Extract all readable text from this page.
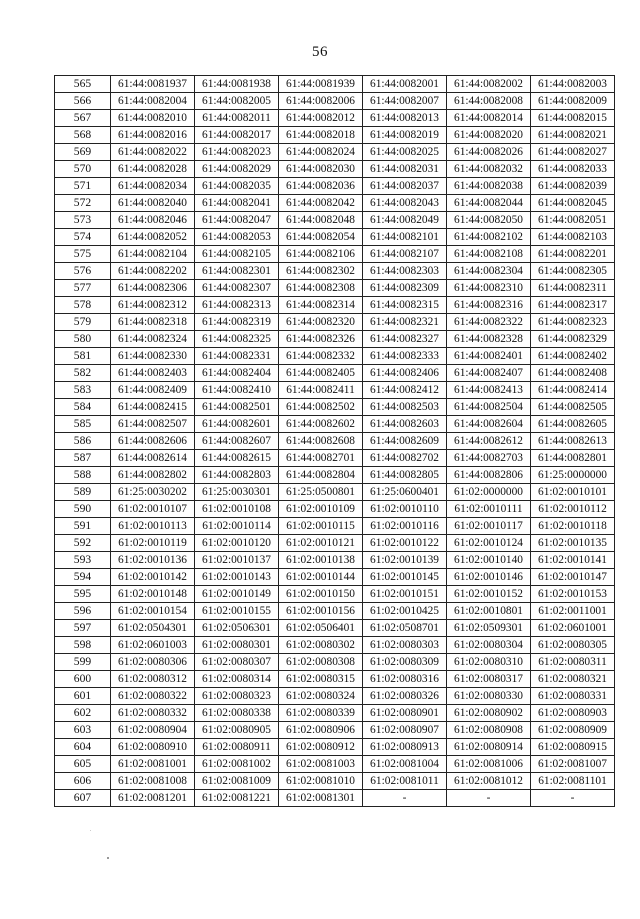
56
565	61:44:0081937	61:44:0081938	61:44:0081939	61:44:0082001	61:44:0082002	61:44:0082003
566	61:44:0082004	61:44:0082005	61:44:0082006	61:44:0082007	61:44:0082008	61:44:0082009
567	61:44:0082010	61:44:0082011	61:44:0082012	61:44:0082013	61:44:0082014	61:44:0082015
568	61:44:0082016	61:44:0082017	61:44:0082018	61:44:0082019	61:44:0082020	61:44:0082021
569	61:44:0082022	61:44:0082023	61:44:0082024	61:44:0082025	61:44:0082026	61:44:0082027
570	61:44:0082028	61:44:0082029	61:44:0082030	61:44:0082031	61:44:0082032	61:44:0082033
571	61:44:0082034	61:44:0082035	61:44:0082036	61:44:0082037	61:44:0082038	61:44:0082039
572	61:44:0082040	61:44:0082041	61:44:0082042	61:44:0082043	61:44:0082044	61:44:0082045
573	61:44:0082046	61:44:0082047	61:44:0082048	61:44:0082049	61:44:0082050	61:44:0082051
574	61:44:0082052	61:44:0082053	61:44:0082054	61:44:0082101	61:44:0082102	61:44:0082103
575	61:44:0082104	61:44:0082105	61:44:0082106	61:44:0082107	61:44:0082108	61:44:0082201
576	61:44:0082202	61:44:0082301	61:44:0082302	61:44:0082303	61:44:0082304	61:44:0082305
577	61:44:0082306	61:44:0082307	61:44:0082308	61:44:0082309	61:44:0082310	61:44:0082311
578	61:44:0082312	61:44:0082313	61:44:0082314	61:44:0082315	61:44:0082316	61:44:0082317
579	61:44:0082318	61:44:0082319	61:44:0082320	61:44:0082321	61:44:0082322	61:44:0082323
580	61:44:0082324	61:44:0082325	61:44:0082326	61:44:0082327	61:44:0082328	61:44:0082329
581	61:44:0082330	61:44:0082331	61:44:0082332	61:44:0082333	61:44:0082401	61:44:0082402
582	61:44:0082403	61:44:0082404	61:44:0082405	61:44:0082406	61:44:0082407	61:44:0082408
583	61:44:0082409	61:44:0082410	61:44:0082411	61:44:0082412	61:44:0082413	61:44:0082414
584	61:44:0082415	61:44:0082501	61:44:0082502	61:44:0082503	61:44:0082504	61:44:0082505
585	61:44:0082507	61:44:0082601	61:44:0082602	61:44:0082603	61:44:0082604	61:44:0082605
586	61:44:0082606	61:44:0082607	61:44:0082608	61:44:0082609	61:44:0082612	61:44:0082613
587	61:44:0082614	61:44:0082615	61:44:0082701	61:44:0082702	61:44:0082703	61:44:0082801
588	61:44:0082802	61:44:0082803	61:44:0082804	61:44:0082805	61:44:0082806	61:25:0000000
589	61:25:0030202	61:25:0030301	61:25:0500801	61:25:0600401	61:02:0000000	61:02:0010101
590	61:02:0010107	61:02:0010108	61:02:0010109	61:02:0010110	61:02:0010111	61:02:0010112
591	61:02:0010113	61:02:0010114	61:02:0010115	61:02:0010116	61:02:0010117	61:02:0010118
592	61:02:0010119	61:02:0010120	61:02:0010121	61:02:0010122	61:02:0010124	61:02:0010135
593	61:02:0010136	61:02:0010137	61:02:0010138	61:02:0010139	61:02:0010140	61:02:0010141
594	61:02:0010142	61:02:0010143	61:02:0010144	61:02:0010145	61:02:0010146	61:02:0010147
595	61:02:0010148	61:02:0010149	61:02:0010150	61:02:0010151	61:02:0010152	61:02:0010153
596	61:02:0010154	61:02:0010155	61:02:0010156	61:02:0010425	61:02:0010801	61:02:0011001
597	61:02:0504301	61:02:0506301	61:02:0506401	61:02:0508701	61:02:0509301	61:02:0601001
598	61:02:0601003	61:02:0080301	61:02:0080302	61:02:0080303	61:02:0080304	61:02:0080305
599	61:02:0080306	61:02:0080307	61:02:0080308	61:02:0080309	61:02:0080310	61:02:0080311
600	61:02:0080312	61:02:0080314	61:02:0080315	61:02:0080316	61:02:0080317	61:02:0080321
601	61:02:0080322	61:02:0080323	61:02:0080324	61:02:0080326	61:02:0080330	61:02:0080331
602	61:02:0080332	61:02:0080338	61:02:0080339	61:02:0080901	61:02:0080902	61:02:0080903
603	61:02:0080904	61:02:0080905	61:02:0080906	61:02:0080907	61:02:0080908	61:02:0080909
604	61:02:0080910	61:02:0080911	61:02:0080912	61:02:0080913	61:02:0080914	61:02:0080915
605	61:02:0081001	61:02:0081002	61:02:0081003	61:02:0081004	61:02:0081006	61:02:0081007
606	61:02:0081008	61:02:0081009	61:02:0081010	61:02:0081011	61:02:0081012	61:02:0081101
607	61:02:0081201	61:02:0081221	61:02:0081301	-	-	-
